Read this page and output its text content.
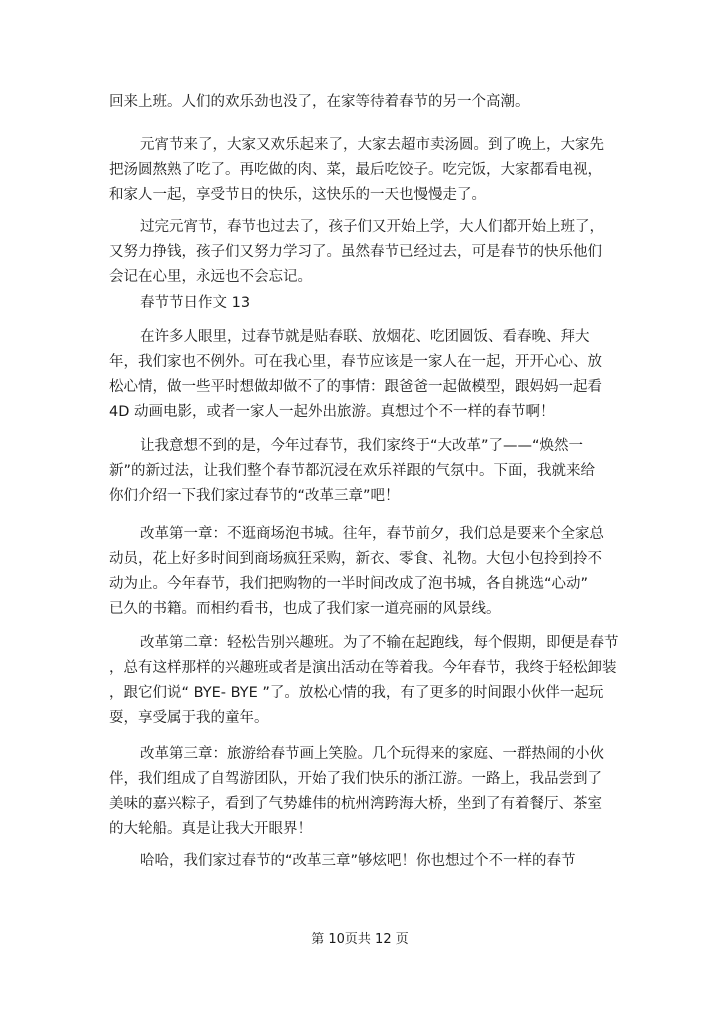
回来上班。人们的欢乐劲也没了，在家等待着春节的另一个高潮。
元宵节来了，大家又欢乐起来了，大家去超市卖汤圆。到了晚上，大家先
把汤圆熬熟了吃了。再吃做的肉、菜，最后吃饺子。吃完饭，大家都看电视，
和家人一起，享受节日的快乐，这快乐的一天也慢慢走了。
过完元宵节，春节也过去了，孩子们又开始上学，大人们都开始上班了，
又努力挣钱，孩子们又努力学习了。虽然春节已经过去，可是春节的快乐他们
会记在心里，永远也不会忘记。
春节节日作文 13
在许多人眼里，过春节就是贴春联、放烟花、吃团圆饭、看春晚、拜大
年，我们家也不例外。可在我心里，春节应该是一家人在一起，开开心心、放
松心情，做一些平时想做却做不了的事情：跟爸爸一起做模型，跟妈妈一起看
4D 动画电影，或者一家人一起外出旅游。真想过个不一样的春节啊！
让我意想不到的是，今年过春节，我们家终于“大改革”了——“焕然一
新”的新过法，让我们整个春节都沉浸在欢乐祥跟的气氛中。下面，我就来给
你们介绍一下我们家过春节的“改革三章”吧！
改革第一章：不逛商场泡书城。往年，春节前夕，我们总是要来个全家总
动员，花上好多时间到商场疯狂采购，新衣、零食、礼物。大包小包拎到拎不
动为止。今年春节，我们把购物的一半时间改成了泡书城，各自挑选“心动”
已久的书籍。而相约看书，也成了我们家一道亮丽的风景线。
改革第二章：轻松告别兴趣班。为了不输在起跑线，每个假期，即便是春节
，总有这样那样的兴趣班或者是演出活动在等着我。今年春节，我终于轻松卸装
，跟它们说“ BYE- BYE ”了。放松心情的我，有了更多的时间跟小伙伴一起玩
耍，享受属于我的童年。
改革第三章：旅游给春节画上笑脸。几个玩得来的家庭、一群热闹的小伙
伴，我们组成了自驾游团队，开始了我们快乐的浙江游。一路上，我品尝到了
美味的嘉兴粽子，看到了气势雄伟的杭州湾跨海大桥，坐到了有着餐厅、茶室
的大轮船。真是让我大开眼界！
哈哈，我们家过春节的“改革三章”够炫吧！你也想过个不一样的春节
第 10页共 12 页
